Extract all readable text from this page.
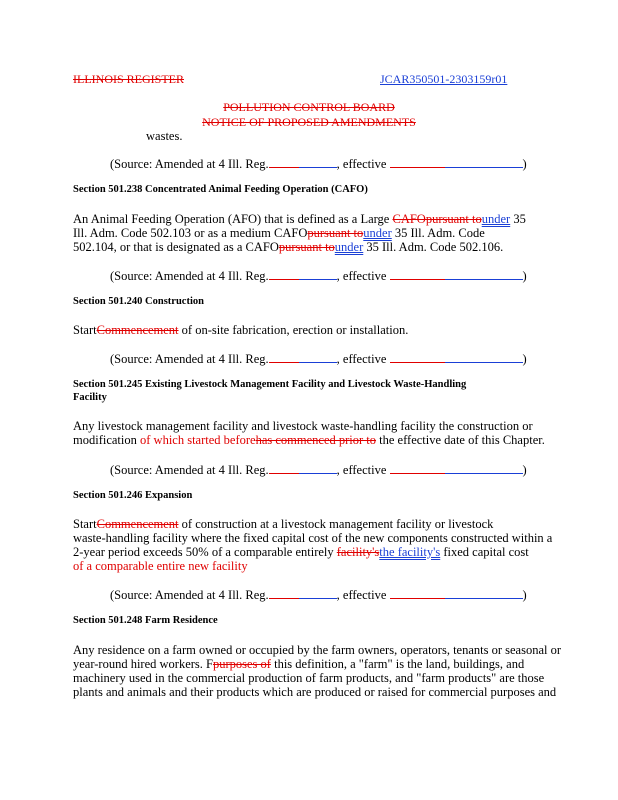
ILLINOIS REGISTER	JCAR350501-2303159r01
POLLUTION CONTROL BOARD
NOTICE OF PROPOSED AMENDMENTS
wastes.
(Source: Amended at 4 Ill. Reg.	, effective	)
Section 501.238 Concentrated Animal Feeding Operation (CAFO)
An Animal Feeding Operation (AFO) that is defined as a Large CAFOpursuant tounder 35
Ill. Adm. Code 502.103 or as a medium CAFOpursuant tounder 35 Ill. Adm. Code
502.104, or that is designated as a CAFOpursuant tounder 35 Ill. Adm. Code 502.106.
(Source: Amended at 4 Ill. Reg.	, effective	)
Section 501.240 Construction
StartCommencement of on-site fabrication, erection or installation.
(Source: Amended at 4 Ill. Reg.	, effective	)
Section 501.245 Existing Livestock Management Facility and Livestock Waste-Handling
Facility
Any livestock management facility and livestock waste-handling facility the construction or
modification of which started beforehas commenced prior to the effective date of this Chapter.
(Source: Amended at 4 Ill. Reg.	, effective	)
Section 501.246 Expansion
StartCommencement of construction at a livestock management facility or livestock
waste-handling facility where the fixed capital cost of the new components constructed within a
2-year period exceeds 50% of a comparable entirely facility'sthe facility's fixed capital cost
of a comparable entire new facility
(Source: Amended at 4 Ill. Reg.	, effective	)
Section 501.248 Farm Residence
Any residence on a farm owned or occupied by the farm owners, operators, tenants or seasonal or
year-round hired workers. Fpurposes of this definition, a "farm" is the land, buildings, and
machinery used in the commercial production of farm products, and "farm products" are those
plants and animals and their products which are produced or raised for commercial purposes and
